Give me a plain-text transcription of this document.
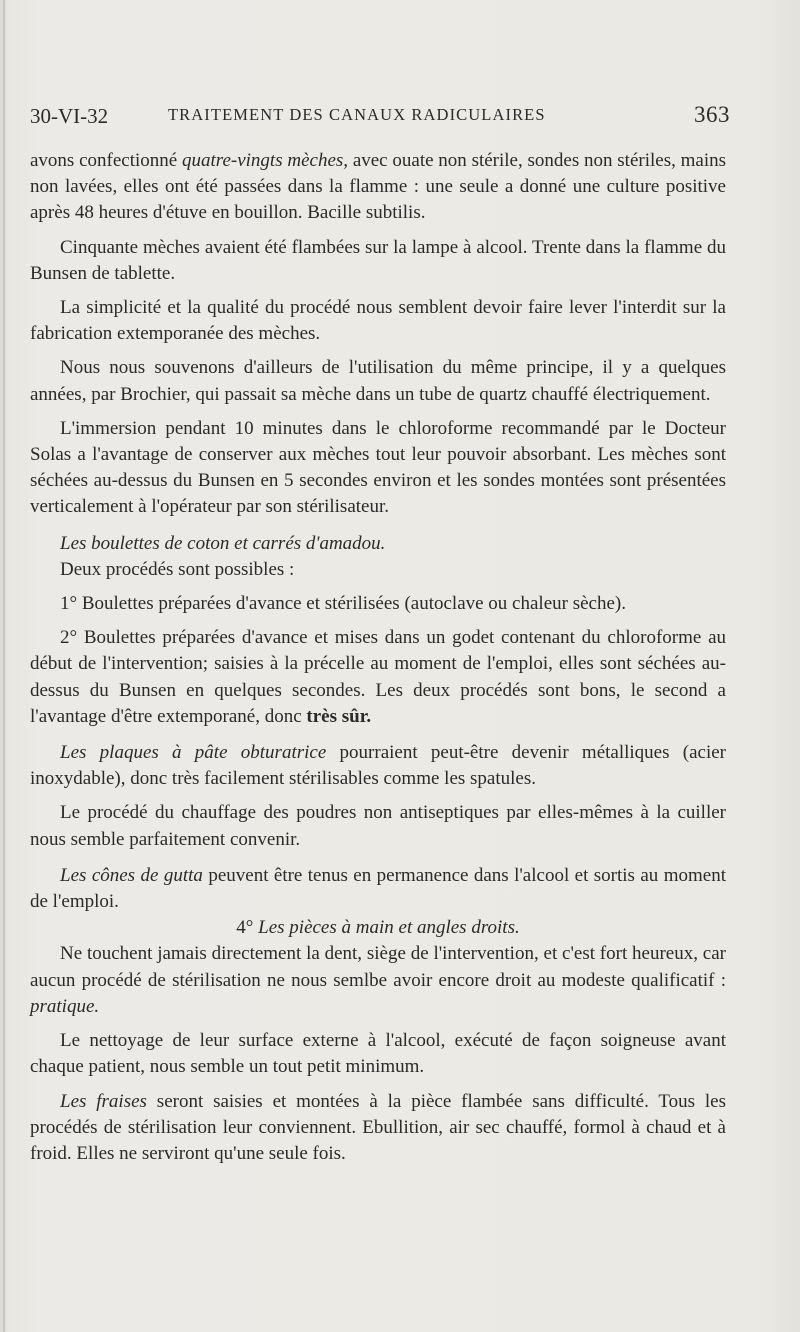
30-VI-32	TRAITEMENT DES CANAUX RADICULAIRES	363

avons confectionné quatre-vingts mèches, avec ouate non stérile, sondes non stériles, mains non lavées, elles ont été passées dans la flamme : une seule a donné une culture positive après 48 heures d'étuve en bouillon. Bacille subtilis.

Cinquante mèches avaient été flambées sur la lampe à alcool. Trente dans la flamme du Bunsen de tablette.

La simplicité et la qualité du procédé nous semblent devoir faire lever l'interdit sur la fabrication extemporanée des mèches.

Nous nous souvenons d'ailleurs de l'utilisation du même principe, il y a quelques années, par Brochier, qui passait sa mèche dans un tube de quartz chauffé électriquement.

L'immersion pendant 10 minutes dans le chloroforme recommandé par le Docteur Solas a l'avantage de conserver aux mèches tout leur pouvoir absorbant. Les mèches sont séchées au-dessus du Bunsen en 5 secondes environ et les sondes montées sont présentées verticalement à l'opérateur par son stérilisateur.

Les boulettes de coton et carrés d'amadou.

Deux procédés sont possibles :

1° Boulettes préparées d'avance et stérilisées (autoclave ou chaleur sèche).

2° Boulettes préparées d'avance et mises dans un godet contenant du chloroforme au début de l'intervention; saisies à la précelle au moment de l'emploi, elles sont séchées au-dessus du Bunsen en quelques secondes. Les deux procédés sont bons, le second a l'avantage d'être extemporané, donc très sûr.

Les plaques à pâte obturatrice pourraient peut-être devenir métalliques (acier inoxydable), donc très facilement stérilisables comme les spatules.

Le procédé du chauffage des poudres non antiseptiques par elles-mêmes à la cuiller nous semble parfaitement convenir.

Les cônes de gutta peuvent être tenus en permanence dans l'alcool et sortis au moment de l'emploi.

4° Les pièces à main et angles droits.

Ne touchent jamais directement la dent, siège de l'intervention, et c'est fort heureux, car aucun procédé de stérilisation ne nous semlbe avoir encore droit au modeste qualificatif : pratique.

Le nettoyage de leur surface externe à l'alcool, exécuté de façon soigneuse avant chaque patient, nous semble un tout petit minimum.

Les fraises seront saisies et montées à la pièce flambée sans difficulté. Tous les procédés de stérilisation leur conviennent. Ebullition, air sec chauffé, formol à chaud et à froid. Elles ne serviront qu'une seule fois.
